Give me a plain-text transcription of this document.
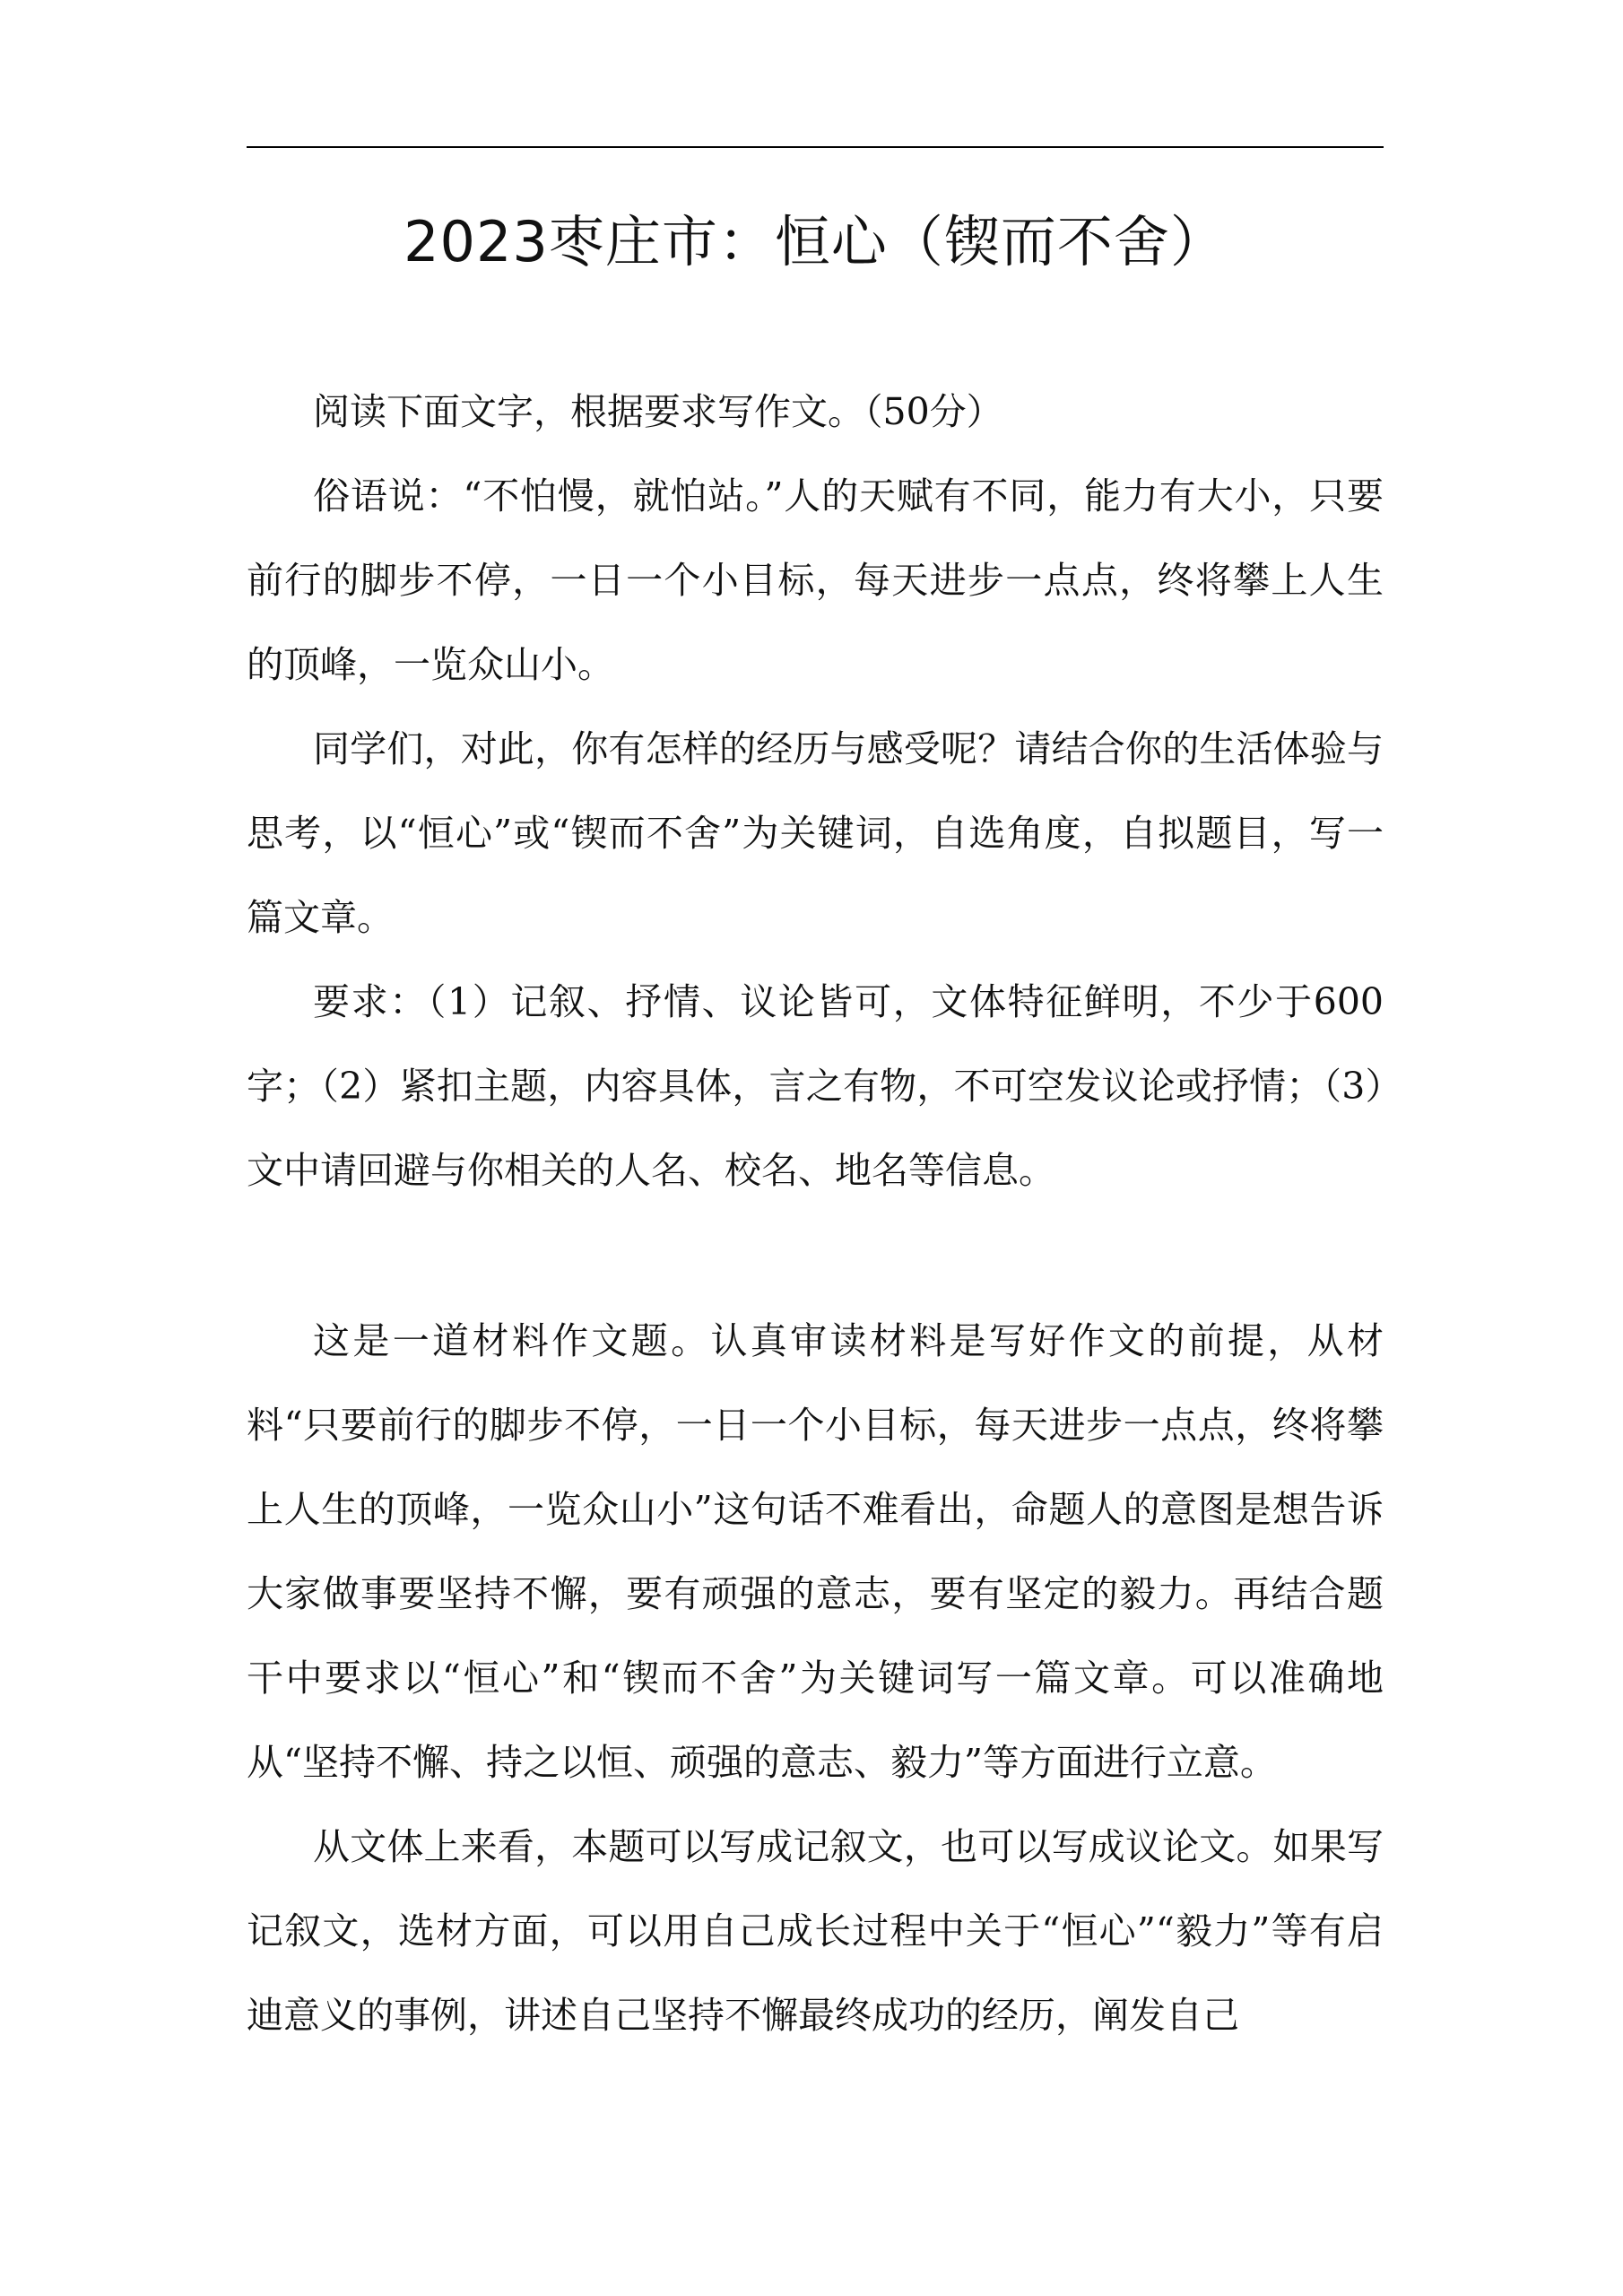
2023枣庄市：恒心（锲而不舍）

阅读下面文字，根据要求写作文。（50分）

俗语说：“不怕慢，就怕站。”人的天赋有不同，能力有大小，只要前行的脚步不停，一日一个小目标，每天进步一点点，终将攀上人生的顶峰，一览众山小。

同学们，对此，你有怎样的经历与感受呢？请结合你的生活体验与思考，以“恒心”或“锲而不舍”为关键词，自选角度，自拟题目，写一篇文章。

要求：（1）记叙、抒情、议论皆可，文体特征鲜明，不少于600字；（2）紧扣主题，内容具体，言之有物，不可空发议论或抒情；（3）文中请回避与你相关的人名、校名、地名等信息。

这是一道材料作文题。认真审读材料是写好作文的前提，从材料“只要前行的脚步不停，一日一个小目标，每天进步一点点，终将攀上人生的顶峰，一览众山小”这句话不难看出，命题人的意图是想告诉大家做事要坚持不懈，要有顽强的意志，要有坚定的毅力。再结合题干中要求以“恒心”和“锲而不舍”为关键词写一篇文章。可以准确地从“坚持不懈、持之以恒、顽强的意志、毅力”等方面进行立意。

从文体上来看，本题可以写成记叙文，也可以写成议论文。如果写记叙文，选材方面，可以用自己成长过程中关于“恒心”“毅力”等有启迪意义的事例，讲述自己坚持不懈最终成功的经历，阐发自己
